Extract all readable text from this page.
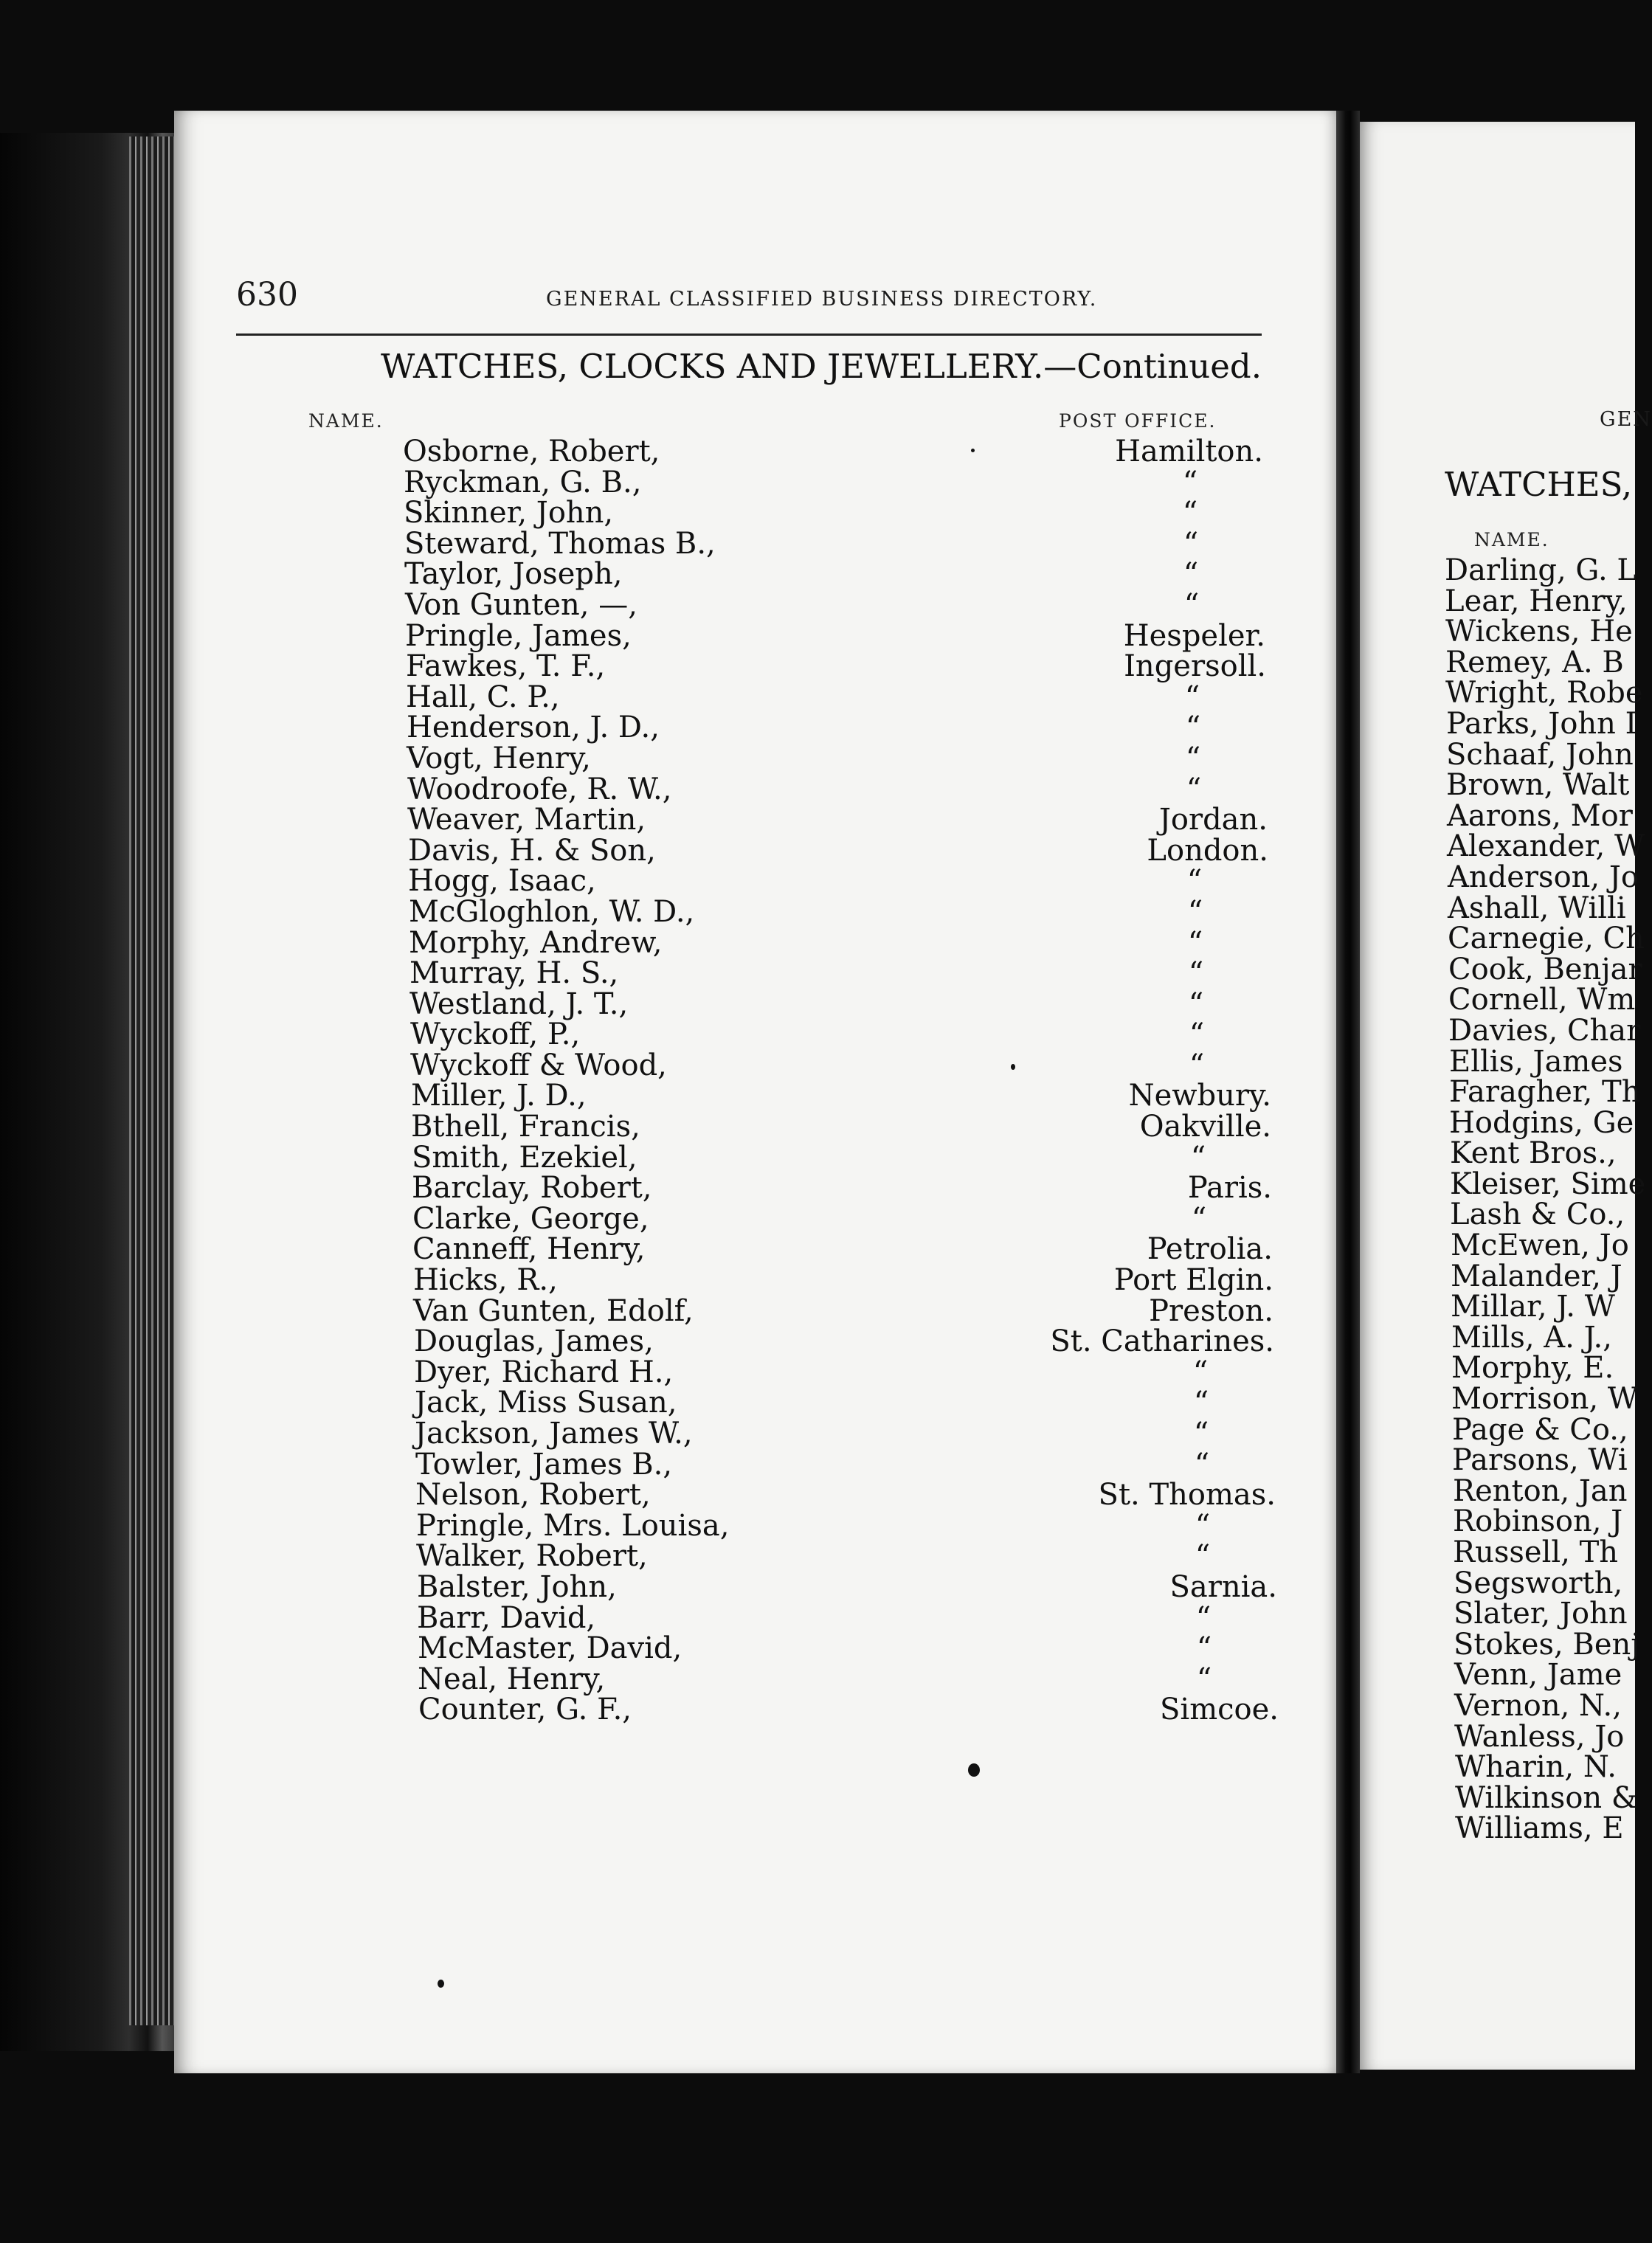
GEN
WATCHES,
NAME.
Darling, G. L
Lear, Henry,
Wickens, He
Remey, A. B
Wright, Robe
Parks, John I
Schaaf, John
Brown, Walt
Aarons, Mor
Alexander, W
Anderson, Jo
Ashall, Willi
Carnegie, Ch
Cook, Benjar
Cornell, Wm
Davies, Char
Ellis, James
Faragher, Th
Hodgins, Ge
Kent Bros.,
Kleiser, Sime
Lash & Co.,
McEwen, Jo
Malander, J
Millar, J. W
Mills, A. J.,
Morphy, E.
Morrison, W
Page & Co.,
Parsons, Wi
Renton, Jan
Robinson, J
Russell, Th
Segsworth,
Slater, John
Stokes, Benj
Venn, Jame
Vernon, N.,
Wanless, Jo
Wharin, N.
Wilkinson &
Williams, E
630	GENERAL CLASSIFIED BUSINESS DIRECTORY.
WATCHES, CLOCKS AND JEWELLERY.—Continued.
NAME.	POST OFFICE.
Osborne, Robert,	Hamilton.
Ryckman, G. B.,	“
Skinner, John,	“
Steward, Thomas B.,	“
Taylor, Joseph,	“
Von Gunten, —,	“
Pringle, James,	Hespeler.
Fawkes, T. F.,	Ingersoll.
Hall, C. P.,	“
Henderson, J. D.,	“
Vogt, Henry,	“
Woodroofe, R. W.,	“
Weaver, Martin,	Jordan.
Davis, H. & Son,	London.
Hogg, Isaac,	“
McGloghlon, W. D.,	“
Morphy, Andrew,	“
Murray, H. S.,	“
Westland, J. T.,	“
Wyckoff, P.,	“
Wyckoff & Wood,	“
Miller, J. D.,	Newbury.
Bthell, Francis,	Oakville.
Smith, Ezekiel,	“
Barclay, Robert,	Paris.
Clarke, George,	“
Canneff, Henry,	Petrolia.
Hicks, R.,	Port Elgin.
Van Gunten, Edolf,	Preston.
Douglas, James,	St. Catharines.
Dyer, Richard H.,	“
Jack, Miss Susan,	“
Jackson, James W.,	“
Towler, James B.,	“
Nelson, Robert,	St. Thomas.
Pringle, Mrs. Louisa,	“
Walker, Robert,	“
Balster, John,	Sarnia.
Barr, David,	“
McMaster, David,	“
Neal, Henry,	“
Counter, G. F.,	Simcoe.
